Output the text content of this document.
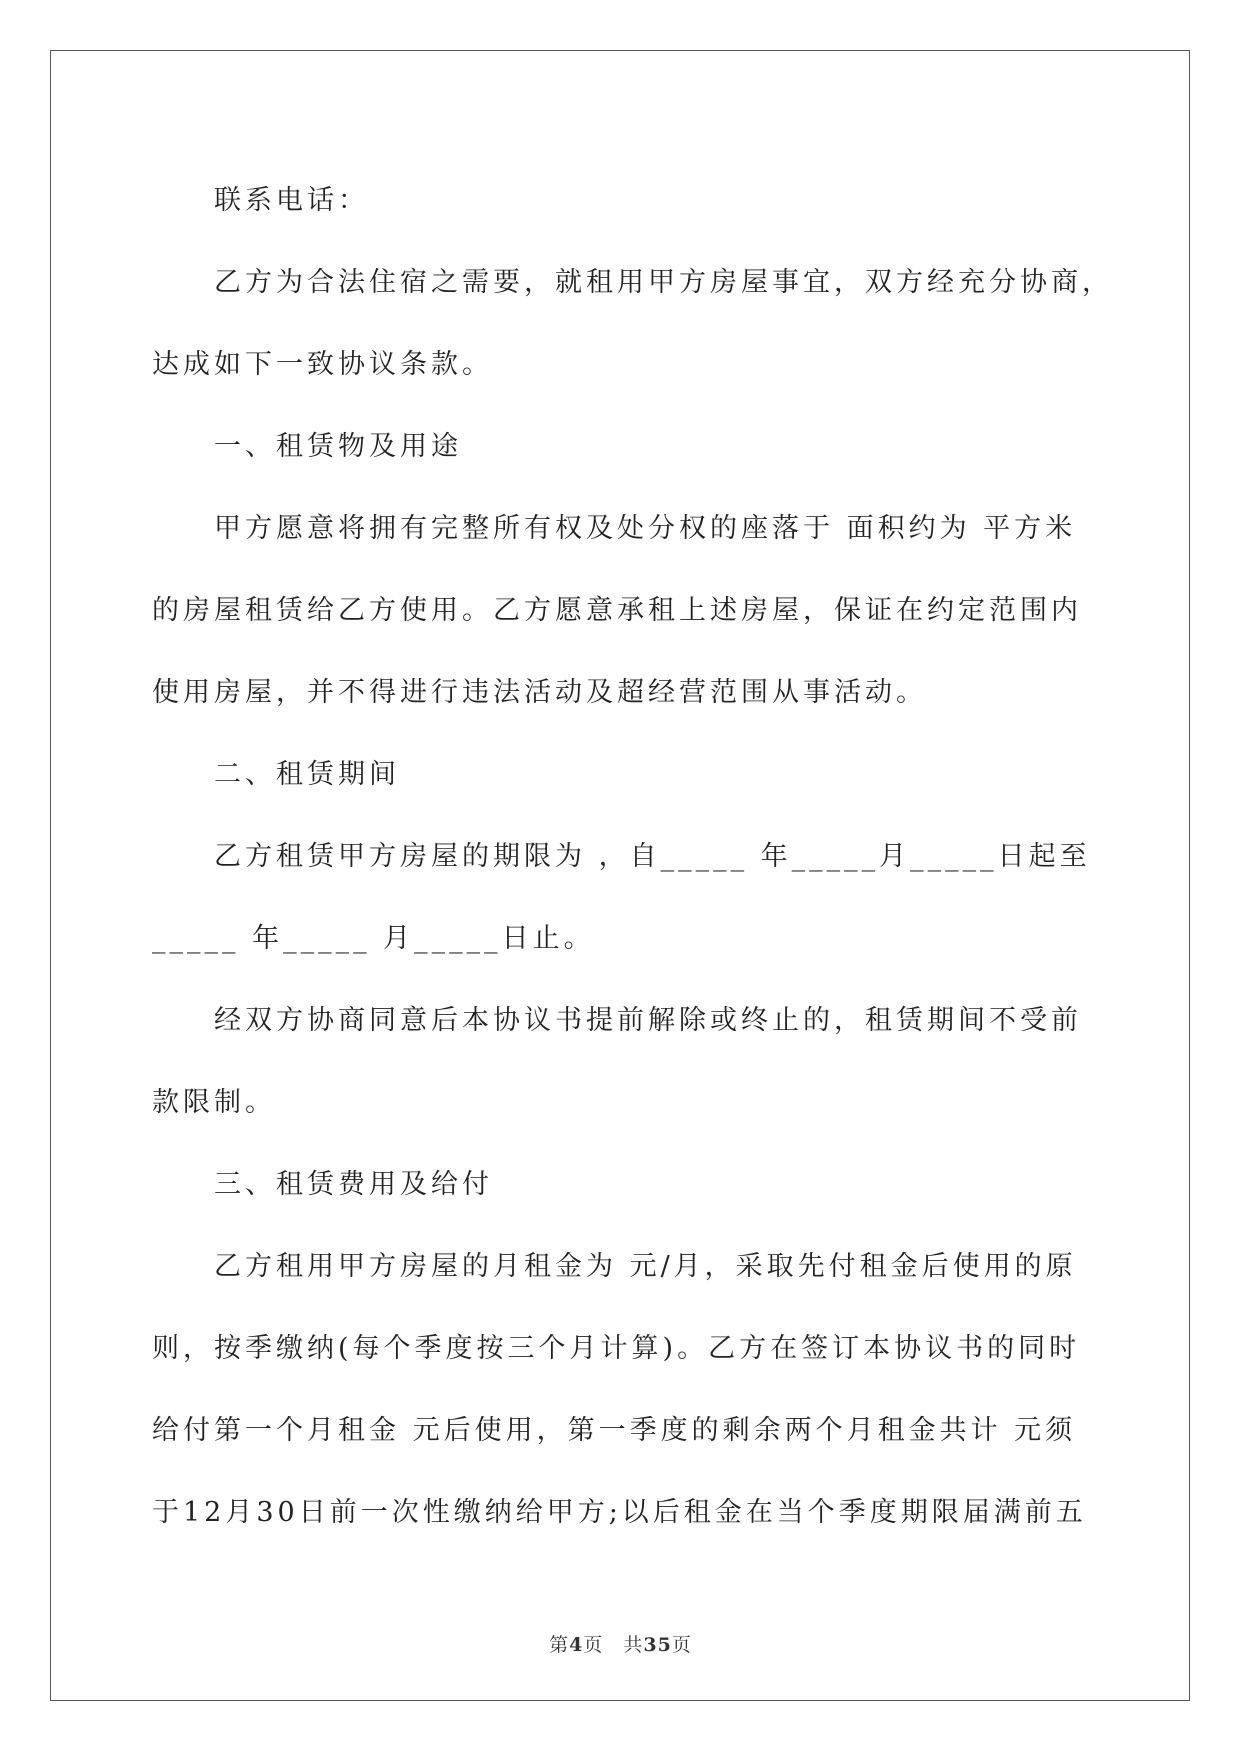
联系电话：
乙方为合法住宿之需要，就租用甲方房屋事宜，双方经充分协商，
达成如下一致协议条款。
一、租赁物及用途
甲方愿意将拥有完整所有权及处分权的座落于 面积约为 平方米
的房屋租赁给乙方使用。乙方愿意承租上述房屋，保证在约定范围内
使用房屋，并不得进行违法活动及超经营范围从事活动。
二、租赁期间
乙方租赁甲方房屋的期限为 ，自_____ 年_____月_____日起至
_____ 年_____ 月_____日止。
经双方协商同意后本协议书提前解除或终止的，租赁期间不受前
款限制。
三、租赁费用及给付
乙方租用甲方房屋的月租金为 元/月，采取先付租金后使用的原
则，按季缴纳(每个季度按三个月计算)。乙方在签订本协议书的同时
给付第一个月租金 元后使用，第一季度的剩余两个月租金共计 元须
于12月30日前一次性缴纳给甲方;以后租金在当个季度期限届满前五
第4页　共35页
